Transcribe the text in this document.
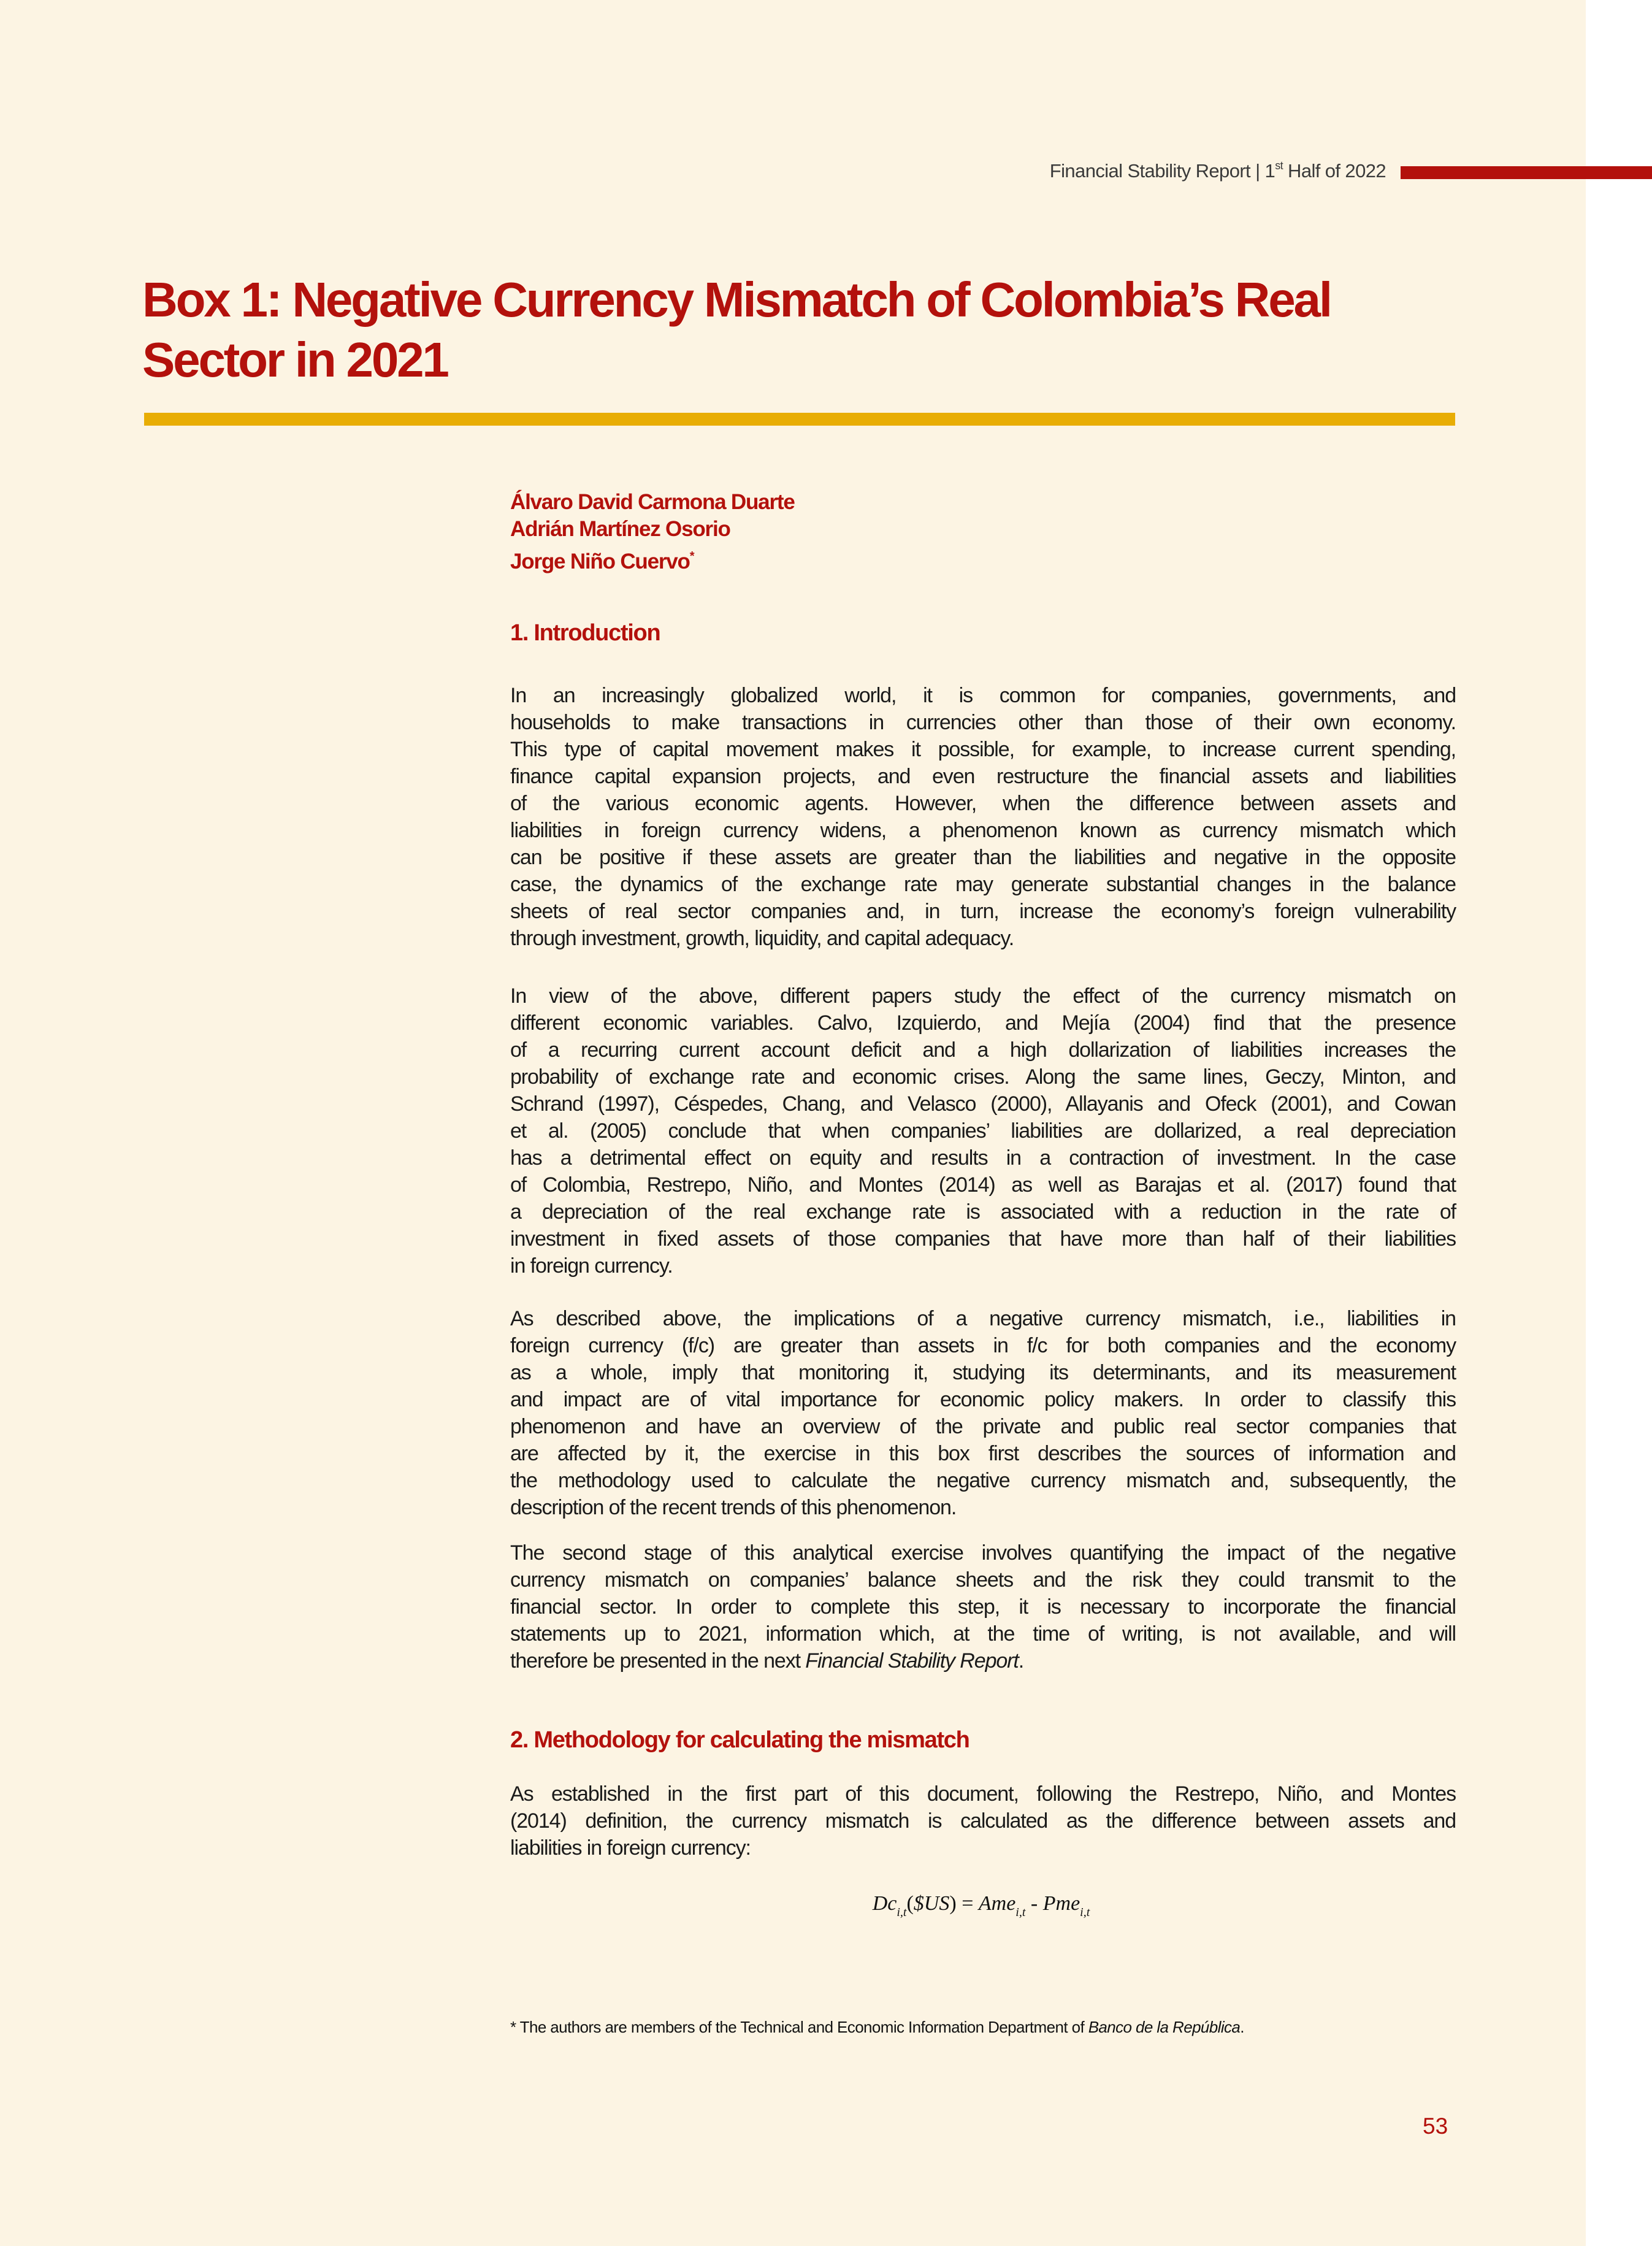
Financial Stability Report | 1st Half of 2022
Box 1: Negative Currency Mismatch of Colombia’s Real
Sector in 2021
Álvaro David Carmona Duarte
Adrián Martínez Osorio
Jorge Niño Cuervo*
1. Introduction
In an increasingly globalized world, it is common for companies, governments, and
households to make transactions in currencies other than those of their own economy.
This type of capital movement makes it possible, for example, to increase current spending,
finance capital expansion projects, and even restructure the financial assets and liabilities
of the various economic agents. However, when the difference between assets and
liabilities in foreign currency widens, a phenomenon known as currency mismatch which
can be positive if these assets are greater than the liabilities and negative in the opposite
case, the dynamics of the exchange rate may generate substantial changes in the balance
sheets of real sector companies and, in turn, increase the economy’s foreign vulnerability
through investment, growth, liquidity, and capital adequacy.
In view of the above, different papers study the effect of the currency mismatch on
different economic variables. Calvo, Izquierdo, and Mejía (2004) find that the presence
of a recurring current account deficit and a high dollarization of liabilities increases the
probability of exchange rate and economic crises. Along the same lines, Geczy, Minton, and
Schrand (1997), Céspedes, Chang, and Velasco (2000), Allayanis and Ofeck (2001), and Cowan
et al. (2005) conclude that when companies’ liabilities are dollarized, a real depreciation
has a detrimental effect on equity and results in a contraction of investment. In the case
of Colombia, Restrepo, Niño, and Montes (2014) as well as Barajas et al. (2017) found that
a depreciation of the real exchange rate is associated with a reduction in the rate of
investment in fixed assets of those companies that have more than half of their liabilities
in foreign currency.
As described above, the implications of a negative currency mismatch, i.e., liabilities in
foreign currency (f/c) are greater than assets in f/c for both companies and the economy
as a whole, imply that monitoring it, studying its determinants, and its measurement
and impact are of vital importance for economic policy makers. In order to classify this
phenomenon and have an overview of the private and public real sector companies that
are affected by it, the exercise in this box first describes the sources of information and
the methodology used to calculate the negative currency mismatch and, subsequently, the
description of the recent trends of this phenomenon.
The second stage of this analytical exercise involves quantifying the impact of the negative
currency mismatch on companies’ balance sheets and the risk they could transmit to the
financial sector. In order to complete this step, it is necessary to incorporate the financial
statements up to 2021, information which, at the time of writing, is not available, and will
therefore be presented in the next Financial Stability Report.
2. Methodology for calculating the mismatch
As established in the first part of this document, following the Restrepo, Niño, and Montes
(2014) definition, the currency mismatch is calculated as the difference between assets and
liabilities in foreign currency:
$Dc_{i,t}(\$US) = Ame_{i,t} - Pme_{i,t}$
* The authors are members of the Technical and Economic Information Department of Banco de la República.
53
